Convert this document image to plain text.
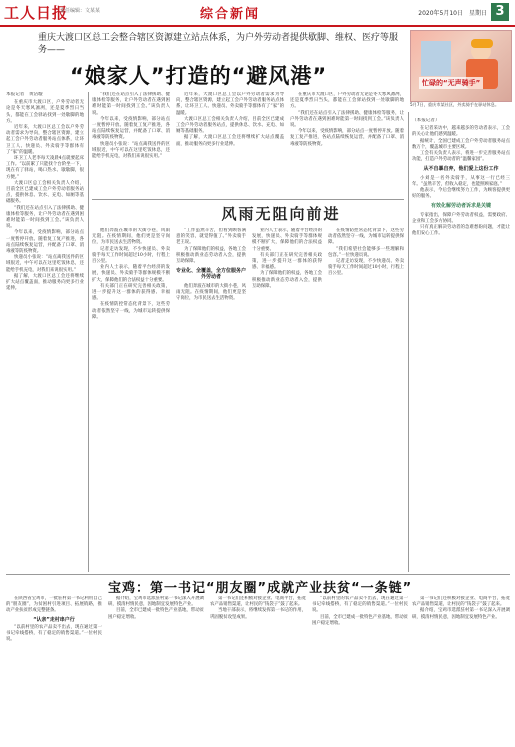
工人日报
责任编辑：文某某	综合新闻	2020年5月10日　星期日 3
重庆大渡口区总工会整合辖区资源建立站点体系，为户外劳动者提供歇脚、维权、医疗等服务——
“娘家人”打造的“避风港”	忙碌的“无声骑手”
5月7日，重庆市某社区，外卖骑手在驿站休息。
本报记者　黄洁璇

在重庆市大渡口区，户外劳动者无论是冬天寒风凛冽，还是夏季烈日当头，都能在工会驿站找到一处歇脚的地方。

近年来，大渡口区总工会以户外劳动者需求为导向，整合辖区资源，建立起工会户外劳动者服务站点体系，让环卫工人、快递员、外卖骑手等群体有了“家”的温暖。

环卫工人老李每天凌晨4点就要起床工作。“以前累了只能找个台阶坐一下，现在有了驿站，喝口热水、歇歇脚，很方便。”

大渡口区总工会相关负责人介绍，目前全区已建成工会户外劳动者服务站点，提供休息、饮水、充电、如厕等基础服务。

“我们还在站点引入了法律援助、健康体检等服务，让户外劳动者在遇到困难时能第一时间找到工会。”该负责人说。

今年以来，受疫情影响，部分站点一度暂停开放。随着复工复产推进，各站点陆续恢复运营，并配备了口罩、消毒液等防疫物资。

快递员小张说：“站点离我送件的区域很近，中午可以在这里吃饭休息，还能给手机充电，对我们来说很实用。”

据了解，大渡口区总工会还将继续扩大站点覆盖面，推动服务向更多行业延伸。

“我们还在站点引入了法律援助、健康体检等服务，让户外劳动者在遇到困难时能第一时间找到工会。”该负责人说。

今年以来，受疫情影响，部分站点一度暂停开放。随着复工复产推进，各站点陆续恢复运营，并配备了口罩、消毒液等防疫物资。

快递员小张说：“站点离我送件的区域很近，中午可以在这里吃饭休息，还能给手机充电，对我们来说很实用。”

近年来，大渡口区总工会以户外劳动者需求为导向，整合辖区资源，建立起工会户外劳动者服务站点体系，让环卫工人、快递员、外卖骑手等群体有了“家”的温暖。

大渡口区总工会相关负责人介绍，目前全区已建成工会户外劳动者服务站点，提供休息、饮水、充电、如厕等基础服务。

据了解，大渡口区总工会还将继续扩大站点覆盖面，推动服务向更多行业延伸。

在重庆市大渡口区，户外劳动者无论是冬天寒风凛冽，还是夏季烈日当头，都能在工会驿站找到一处歇脚的地方。

“我们还在站点引入了法律援助、健康体检等服务，让户外劳动者在遇到困难时能第一时间找到工会。”该负责人说。

今年以来，受疫情影响，部分站点一度暂停开放。随着复工复产推进，各站点陆续恢复运营，并配备了口罩、消毒液等防疫物资。

风雨无阻向前进

他们奔波在城市的大街小巷，风雨无阻。在疫情期间，他们更是坚守岗位，为市民送去生活物资。

记者走访发现，不少快递员、外卖骑手每天工作时间超过10小时，行程上百公里。

业内人士表示，随着平台经济的发展，快递员、外卖骑手等群体规模不断扩大，保障他们的合法权益十分重要。

有关部门正在研究完善相关政策，进一步提升这一群体的获得感、幸福感。

在疫情防控常态化背景下，这些劳动者依然坚守一线，为城市运转提供保障。

“工作虽然辛苦，但看到顾客满意的笑容，就觉得值了。”外卖骑手老王说。

为了保障他们的权益，各地工会积极推动新业态劳动者入会，提供互助保障。

专业化、全覆盖，全方位服务户外劳动者

他们奔波在城市的大街小巷，风雨无阻。在疫情期间，他们更是坚守岗位，为市民送去生活物资。

业内人士表示，随着平台经济的发展，快递员、外卖骑手等群体规模不断扩大，保障他们的合法权益十分重要。

有关部门正在研究完善相关政策，进一步提升这一群体的获得感、幸福感。

为了保障他们的权益，各地工会积极推动新业态劳动者入会，提供互助保障。

在疫情防控常态化背景下，这些劳动者依然坚守一线，为城市运转提供保障。

“我们希望社会能够多一些理解和包容。”一位快递员说。

记者走访发现，不少快递员、外卖骑手每天工作时间超过10小时，行程上百公里。

（本报记者）

在记者采访中，越来越多的劳动者表示，工会的关心让他们感到温暖。

据统计，全国已建成工会户外劳动者服务站点数万个，覆盖城市主要区域。

工会有关负责人表示，将进一步完善服务站点功能，打造户外劳动者的“温馨家园”。

从不自暴自弃，他们爱上这份工作

小刘是一名外卖骑手，从事这一行已经三年。“虽然辛苦，但收入稳定，也能照顾家庭。”

他表示，今后会继续努力工作，为顾客提供更好的服务。

有效化解劳动者诉求是关键

专家指出，保障户外劳动者权益，需要政府、企业和工会多方协同。

只有真正解决劳动者的急难愁盼问题，才能让他们安心工作。

宝鸡：第一书记“朋友圈”成就产业扶贫“一条链”

在陕西省宝鸡市，一批驻村第一书记利用自己的“朋友圈”，为贫困村引进项目、拓展销路，推动产业扶贫形成完整链条。

“认亲”走村串户行

“以前村里的农产品卖不出去，现在通过第一书记牵线搭桥，有了稳定的销售渠道。”一位村民说。

据介绍，宝鸡市选派驻村第一书记深入开展调研，摸清村情民意，因地制宜发展特色产业。

目前，全市已建成一批特色产业基地，带动贫困户稳定增收。

第一书记们还积极对接企业、电商平台，拓宽农产品销售渠道，让村民的“钱袋子”鼓了起来。

当地干部表示，将继续发挥第一书记的作用，巩固脱贫攻坚成果。

“以前村里的农产品卖不出去，现在通过第一书记牵线搭桥，有了稳定的销售渠道。”一位村民说。

目前，全市已建成一批特色产业基地，带动贫困户稳定增收。

第一书记们还积极对接企业、电商平台，拓宽农产品销售渠道，让村民的“钱袋子”鼓了起来。

据介绍，宝鸡市选派驻村第一书记深入开展调研，摸清村情民意，因地制宜发展特色产业。
